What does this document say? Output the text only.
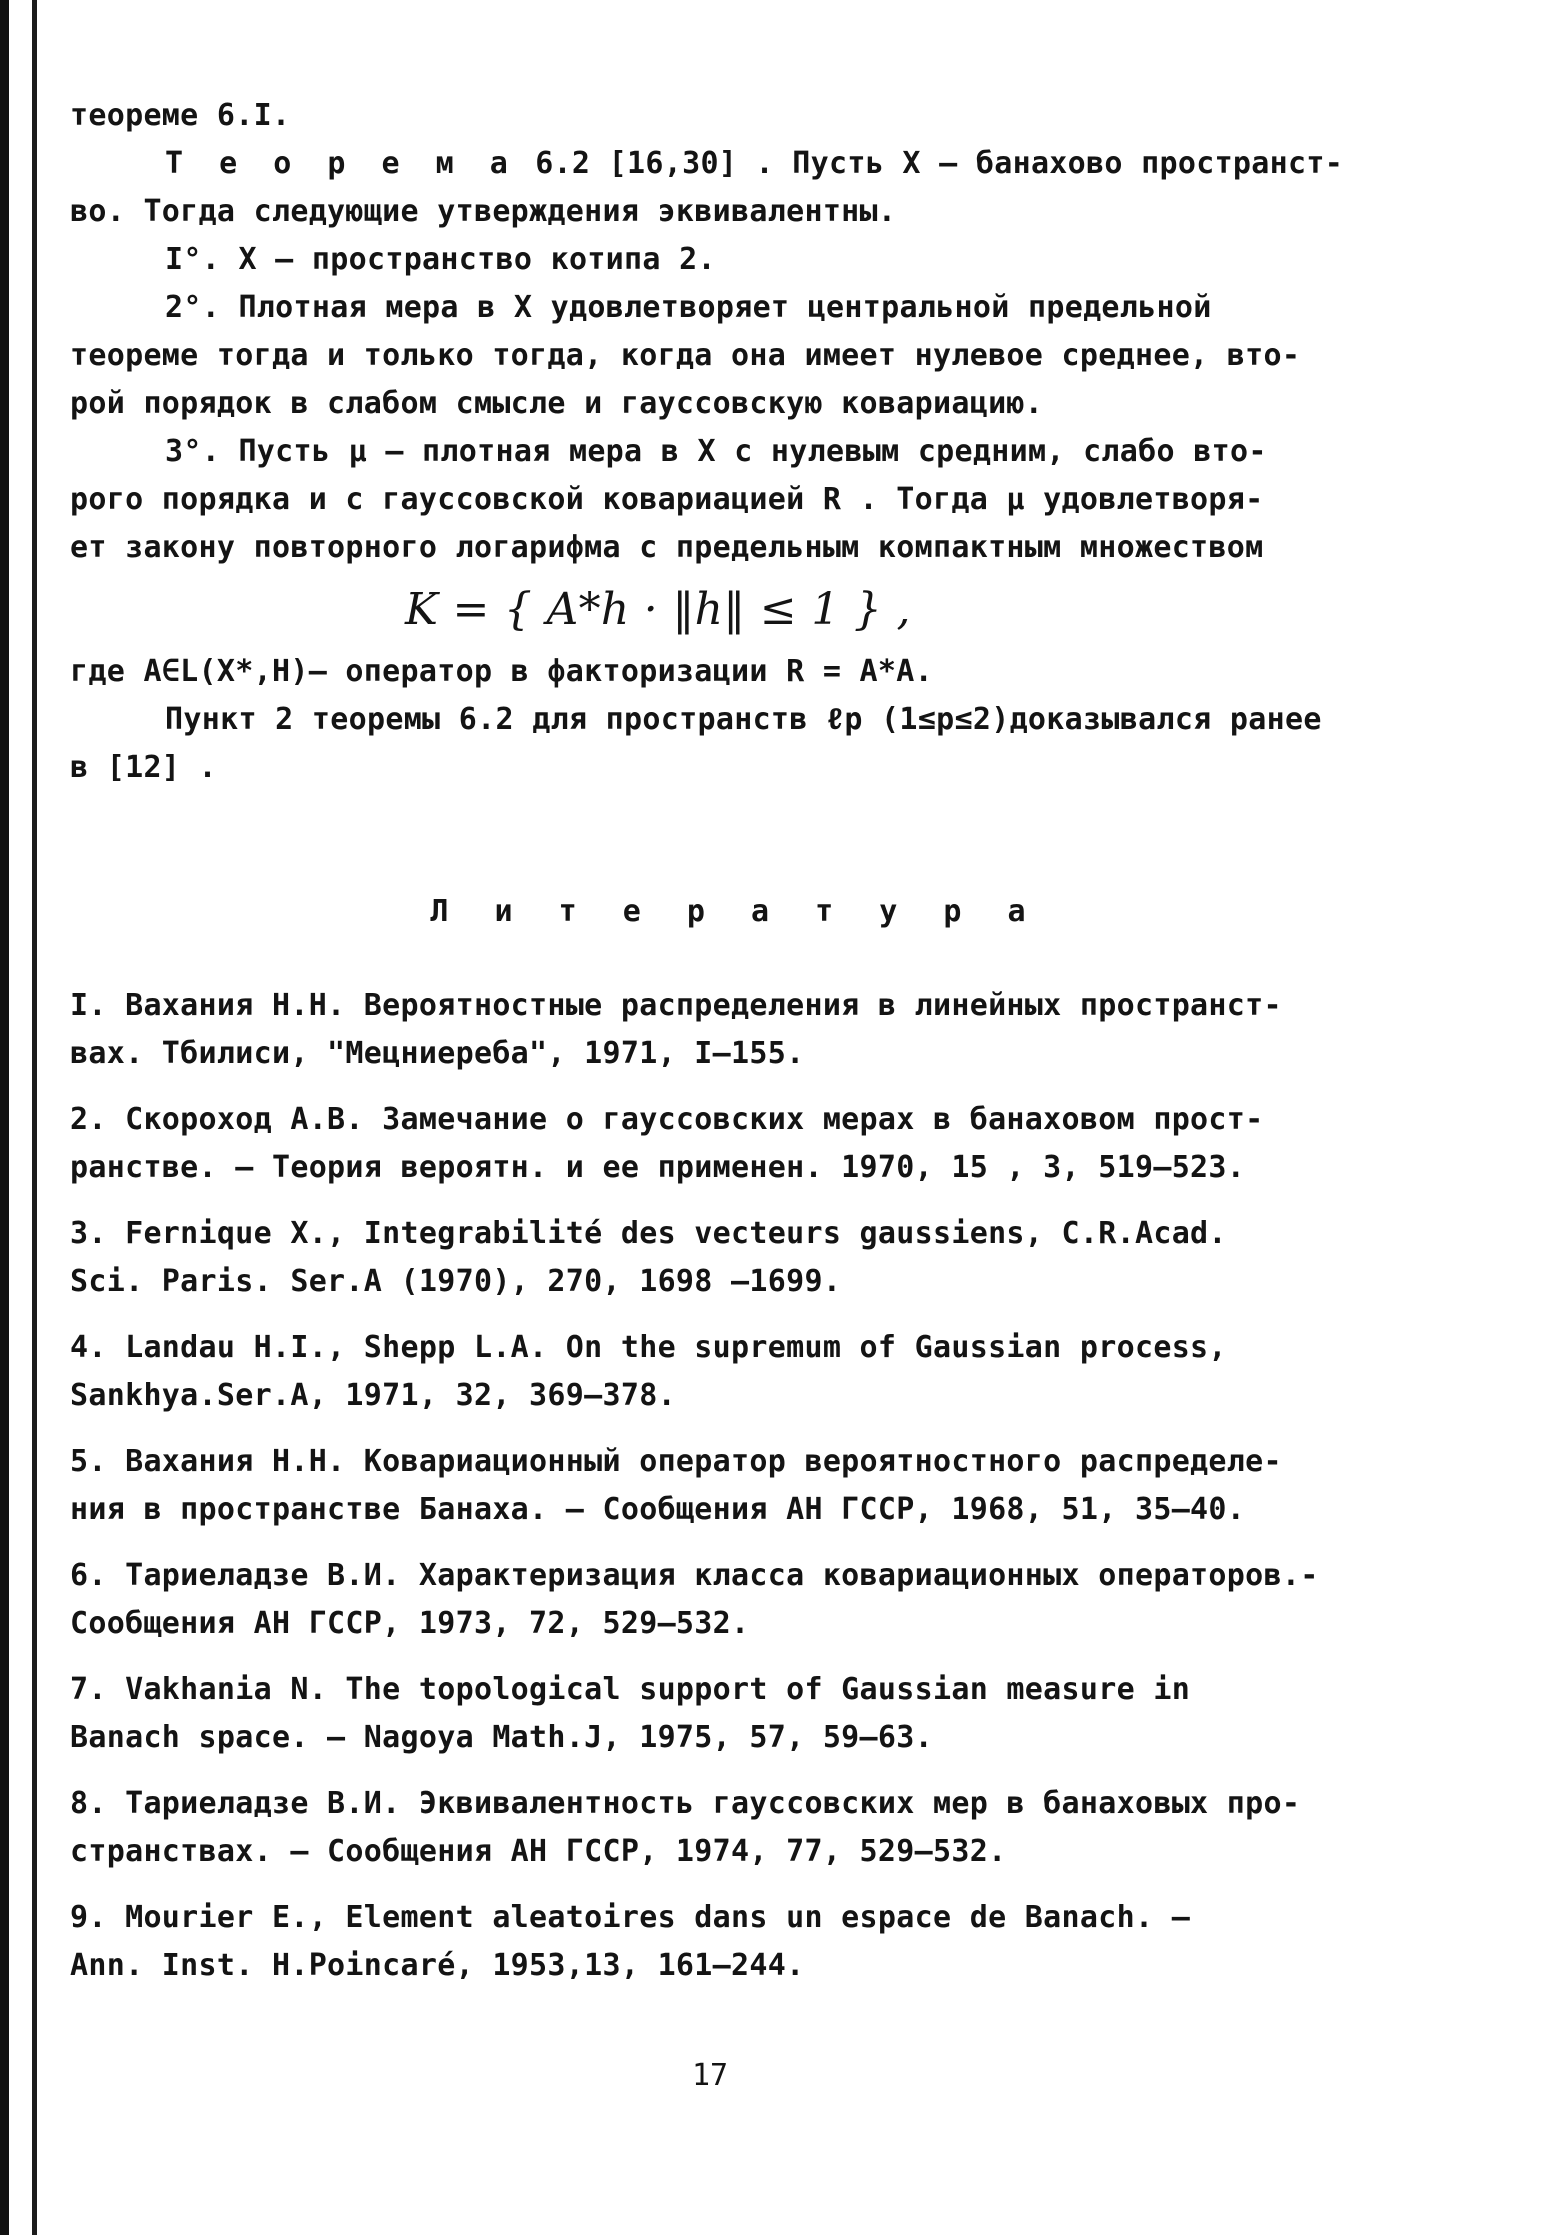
теореме 6.I.
Т е о р е м а 6.2 [16,30] . Пусть X – банахово пространст-
во. Тогда следующие утверждения эквивалентны.
I°. X – пространство котипа 2.
2°. Плотная мера в X удовлетворяет центральной предельной
теореме тогда и только тогда, когда она имеет нулевое среднее, вто-
рой порядок в слабом смысле и гауссовскую ковариацию.
3°. Пусть μ – плотная мера в X с нулевым средним, слабо вто-
рого порядка и с гауссовской ковариацией R . Тогда μ удовлетворя-
ет закону повторного логарифма с предельным компактным множеством
K = { A*h · ‖h‖ ≤ 1 } ,
где A∈L(X*,H)– оператор в факторизации R = A*A.
Пункт 2 теоремы 6.2 для пространств ℓp (1≤p≤2)доказывался ранее
в [12] .
Л и т е р а т у р а
I. Вахания Н.Н. Вероятностные распределения в линейных пространст-
вах. Тбилиси, "Мецниереба", 1971, I–155.
2. Скороход А.В. Замечание о гауссовских мерах в банаховом прост-
ранстве. – Теория вероятн. и ее применен. 1970, 15 , 3, 519–523.
3. Fernique X., Integrabilité des vecteurs gaussiens, C.R.Acad.
Sci. Paris. Ser.A (1970), 270, 1698 –1699.
4. Landau H.I., Shepp L.A. On the supremum of Gaussian process,
Sankhya.Ser.A, 1971, 32, 369–378.
5. Вахания Н.Н. Ковариационный оператор вероятностного распределе-
ния в пространстве Банаха. – Сообщения АН ГССР, 1968, 51, 35–40.
6. Тариеладзе В.И. Характеризация класса ковариационных операторов.-
Сообщения АН ГССР, 1973, 72, 529–532.
7. Vakhania N. The topological support of Gaussian measure in
Banach space. – Nagoya Math.J, 1975, 57, 59–63.
8. Тариеладзе В.И. Эквивалентность гауссовских мер в банаховых про-
странствах. – Сообщения АН ГССР, 1974, 77, 529–532.
9. Mourier E., Element aleatoires dans un espace de Banach. –
Ann. Inst. H.Poincaré, 1953,13, 161–244.
17
